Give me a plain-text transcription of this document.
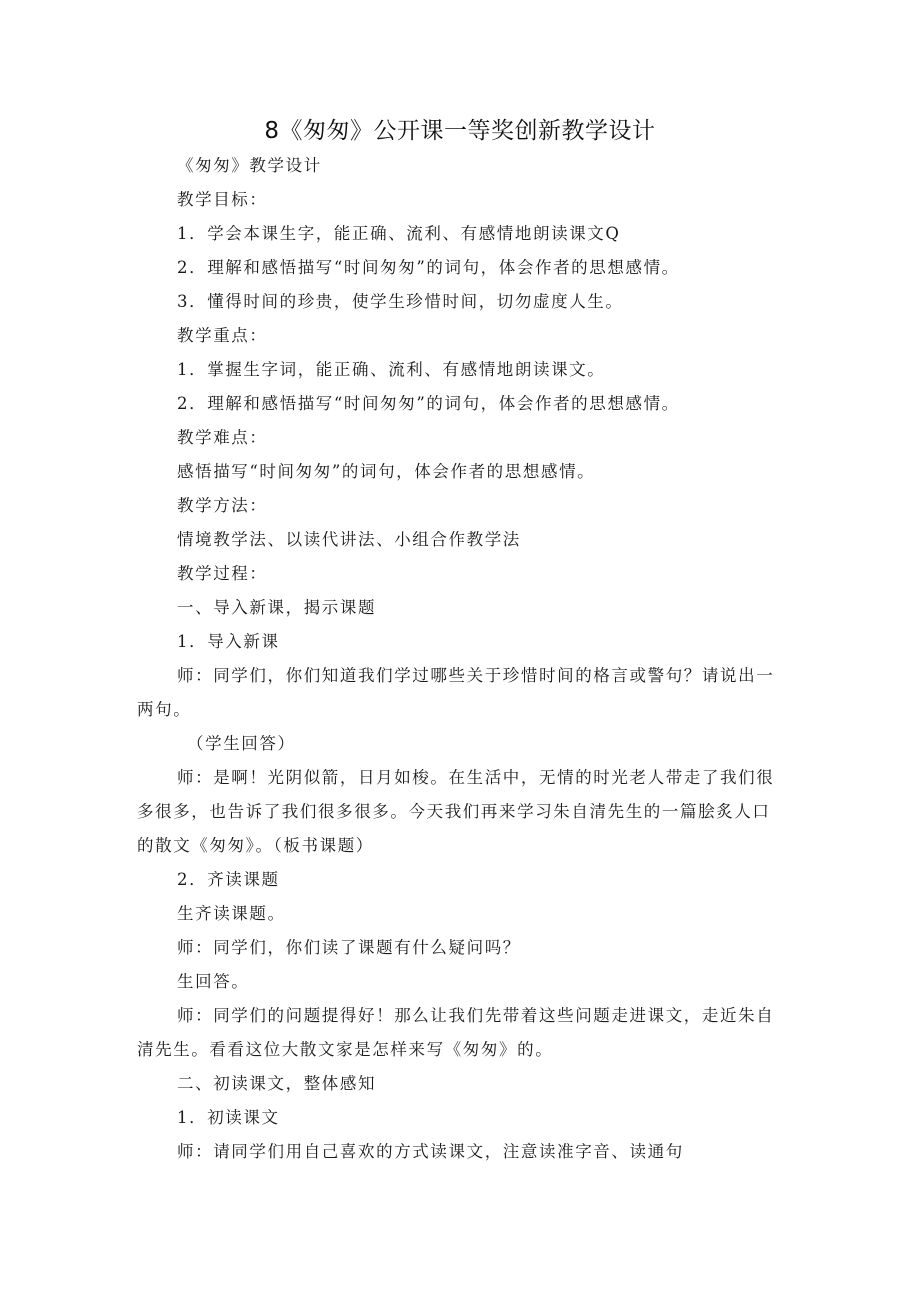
8《匆匆》公开课一等奖创新教学设计
《匆匆》教学设计
教学目标：
1．学会本课生字，能正确、流利、有感情地朗读课文Q
2．理解和感悟描写“时间匆匆”的词句，体会作者的思想感情。
3．懂得时间的珍贵，使学生珍惜时间，切勿虚度人生。
教学重点：
1．掌握生字词，能正确、流利、有感情地朗读课文。
2．理解和感悟描写“时间匆匆”的词句，体会作者的思想感情。
教学难点：
感悟描写“时间匆匆”的词句，体会作者的思想感情。
教学方法：
情境教学法、以读代讲法、小组合作教学法
教学过程：
一、导入新课，揭示课题
1．导入新课
师：同学们，你们知道我们学过哪些关于珍惜时间的格言或警句？请说出一
两句。
（学生回答）
师：是啊！光阴似箭，日月如梭。在生活中，无情的时光老人带走了我们很
多很多，也告诉了我们很多很多。今天我们再来学习朱自清先生的一篇脍炙人口
的散文《匆匆》。（板书课题）
2．齐读课题
生齐读课题。
师：同学们，你们读了课题有什么疑问吗？
生回答。
师：同学们的问题提得好！那么让我们先带着这些问题走进课文，走近朱自
清先生。看看这位大散文家是怎样来写《匆匆》的。
二、初读课文，整体感知
1．初读课文
师：请同学们用自己喜欢的方式读课文，注意读准字音、读通句
